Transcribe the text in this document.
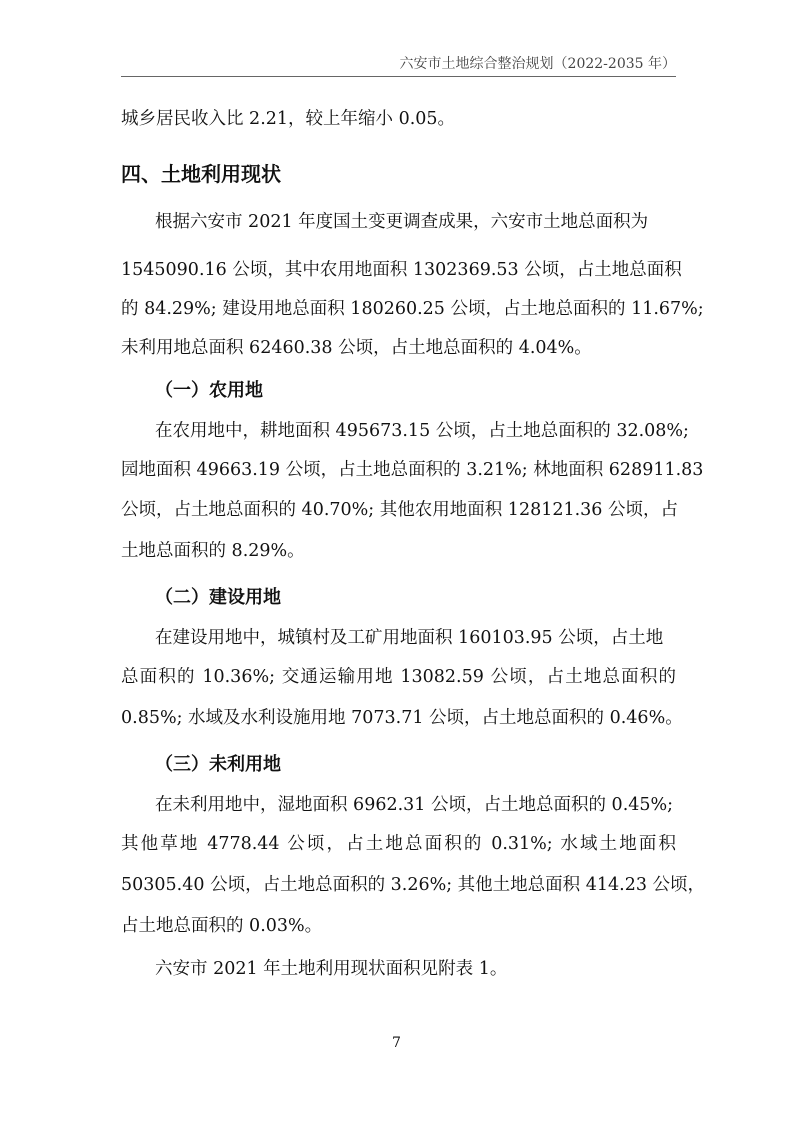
六安市土地综合整治规划（2022-2035 年）
城乡居民收入比 2.21，较上年缩小 0.05。
四、土地利用现状
根据六安市 2021 年度国土变更调查成果，六安市土地总面积为
1545090.16 公顷，其中农用地面积 1302369.53 公顷，占土地总面积
的 84.29%; 建设用地总面积 180260.25 公顷，占土地总面积的 11.67%;
未利用地总面积 62460.38 公顷，占土地总面积的 4.04%。
（一）农用地
在农用地中，耕地面积 495673.15 公顷，占土地总面积的 32.08%;
园地面积 49663.19 公顷，占土地总面积的 3.21%; 林地面积 628911.83
公顷，占土地总面积的 40.70%; 其他农用地面积 128121.36 公顷，占
土地总面积的 8.29%。
（二）建设用地
在建设用地中，城镇村及工矿用地面积 160103.95 公顷，占土地
总面积的 10.36%; 交通运输用地 13082.59 公顷，占土地总面积的
0.85%; 水域及水利设施用地 7073.71 公顷，占土地总面积的 0.46%。
（三）未利用地
在未利用地中，湿地面积 6962.31 公顷，占土地总面积的 0.45%;
其他草地 4778.44 公顷，占土地总面积的 0.31%; 水域土地面积
50305.40 公顷，占土地总面积的 3.26%; 其他土地总面积 414.23 公顷，
占土地总面积的 0.03%。
六安市 2021 年土地利用现状面积见附表 1。
7
